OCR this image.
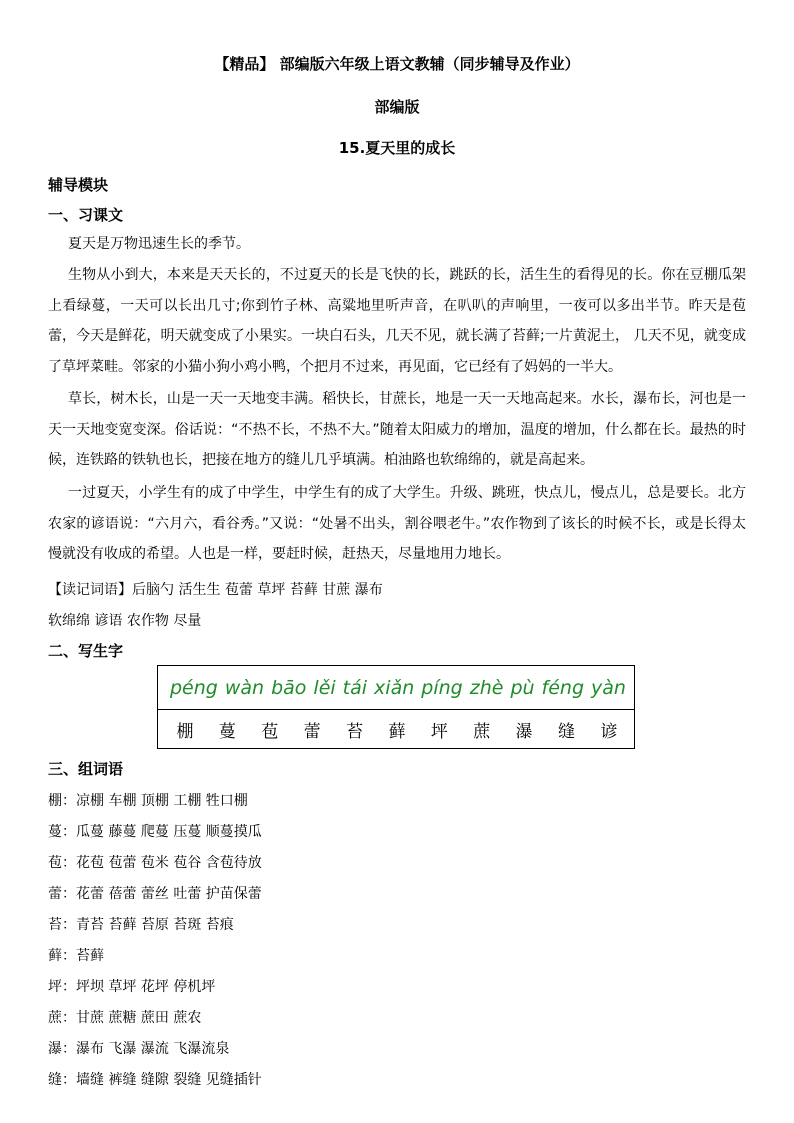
【精品】 部编版六年级上语文教辅（同步辅导及作业）
部编版
15.夏天里的成长
辅导模块
一、习课文

夏天是万物迅速生长的季节。

生物从小到大，本来是天天长的，不过夏天的长是飞快的长，跳跃的长，活生生的看得见的长。你在豆棚瓜架上看绿蔓，一天可以长出几寸;你到竹子林、高粱地里听声音，在叭叭的声响里，一夜可以多出半节。昨天是苞蕾，今天是鲜花，明天就变成了小果实。一块白石头，几天不见，就长满了苔藓;一片黄泥土， 几天不见，就变成了草坪菜畦。邻家的小猫小狗小鸡小鸭，个把月不过来，再见面，它已经有了妈妈的一半大。

草长，树木长，山是一天一天地变丰满。稻快长，甘蔗长，地是一天一天地高起来。水长，瀑布长，河也是一天一天地变宽变深。俗话说：“不热不长，不热不大。”随着太阳威力的增加，温度的增加，什么都在长。最热的时候，连铁路的铁轨也长，把接在地方的缝儿几乎填满。柏油路也软绵绵的，就是高起来。

一过夏天，小学生有的成了中学生，中学生有的成了大学生。升级、跳班，快点儿，慢点儿，总是要长。北方农家的谚语说：“六月六，看谷秀。”又说：“处暑不出头，割谷喂老牛。”农作物到了该长的时候不长，或是长得太慢就没有收成的希望。人也是一样，要赶时候，赶热天，尽量地用力地长。

【读记词语】后脑勺 活生生 苞蕾 草坪 苔藓 甘蔗 瀑布
软绵绵 谚语 农作物 尽量
二、写生字
péng wàn bāo lěi tái xiǎn píng zhè pù féng yàn
棚	蔓	苞	蕾	苔	藓	坪	蔗	瀑	缝	谚
三、组词语
棚：凉棚 车棚 顶棚 工棚 牲口棚
蔓：瓜蔓 藤蔓 爬蔓 压蔓 顺蔓摸瓜
苞：花苞 苞蕾 苞米 苞谷 含苞待放
蕾：花蕾 蓓蕾 蕾丝 吐蕾 护苗保蕾
苔：青苔 苔藓 苔原 苔斑 苔痕
藓：苔藓
坪：坪坝 草坪 花坪 停机坪
蔗：甘蔗 蔗糖 蔗田 蔗农
瀑：瀑布 飞瀑 瀑流 飞瀑流泉
缝：墙缝 裤缝 缝隙 裂缝 见缝插针
